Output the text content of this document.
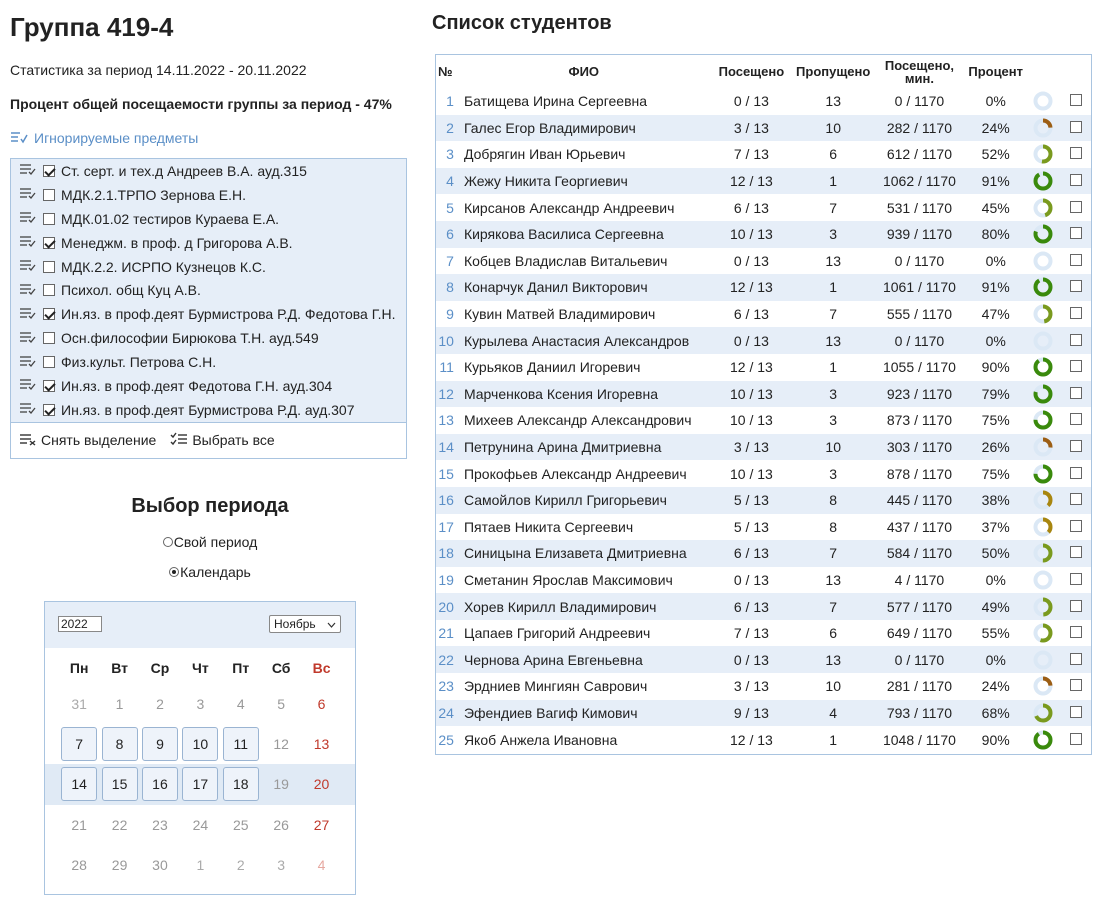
Группа 419-4
Статистика за период 14.11.2022 - 20.11.2022
Процент общей посещаемости группы за период - 47%
Игнорируемые предметы
Ст. серт. и тех.д Андреев В.А. ауд.315
МДК.2.1.ТРПО Зернова Е.Н.
МДК.01.02 тестиров Кураева Е.А.
Менеджм. в проф. д Григорова А.В.
МДК.2.2. ИСРПО Кузнецов К.С.
Психол. общ Куц А.В.
Ин.яз. в проф.деят Бурмистрова Р.Д. Федотова Г.Н.
Осн.философии Бирюкова Т.Н. ауд.549
Физ.культ. Петрова С.Н.
Ин.яз. в проф.деят Федотова Г.Н. ауд.304
Ин.яз. в проф.деят Бурмистрова Р.Д. ауд.307
Снять выделение	Выбрать все
Выбор периода
Свой период
Календарь
2022	Ноябрь
Пн	Вт	Ср	Чт	Пт	Сб	Вс
31	1	2	3	4	5	6
7	8	9	10	11	12	13
14	15	16	17	18	19	20
21	22	23	24	25	26	27
28	29	30	1	2	3	4
Список студентов
№	ФИО	Посещено	Пропущено	Посещено, мин.	Процент		
1	Батищева Ирина Сергеевна	0 / 13	13	0 / 1170	0%	

2	Галес Егор Владимирович	3 / 13	10	282 / 1170	24%	

3	Добрягин Иван Юрьевич	7 / 13	6	612 / 1170	52%	

4	Жежу Никита Георгиевич	12 / 13	1	1062 / 1170	91%	

5	Кирсанов Александр Андреевич	6 / 13	7	531 / 1170	45%	

6	Кирякова Василиса Сергеевна	10 / 13	3	939 / 1170	80%	

7	Кобцев Владислав Витальевич	0 / 13	13	0 / 1170	0%	

8	Конарчук Данил Викторович	12 / 13	1	1061 / 1170	91%	

9	Кувин Матвей Владимирович	6 / 13	7	555 / 1170	47%	

10	Курылева Анастасия Александров	0 / 13	13	0 / 1170	0%	

11	Курьяков Даниил Игоревич	12 / 13	1	1055 / 1170	90%	

12	Марченкова Ксения Игоревна	10 / 13	3	923 / 1170	79%	

13	Михеев Александр Александрович	10 / 13	3	873 / 1170	75%	

14	Петрунина Арина Дмитриевна	3 / 13	10	303 / 1170	26%	

15	Прокофьев Александр Андреевич	10 / 13	3	878 / 1170	75%	

16	Самойлов Кирилл Григорьевич	5 / 13	8	445 / 1170	38%	

17	Пятаев Никита Сергеевич	5 / 13	8	437 / 1170	37%	

18	Синицына Елизавета Дмитриевна	6 / 13	7	584 / 1170	50%	

19	Сметанин Ярослав Максимович	0 / 13	13	4 / 1170	0%	

20	Хорев Кирилл Владимирович	6 / 13	7	577 / 1170	49%	

21	Цапаев Григорий Андреевич	7 / 13	6	649 / 1170	55%	

22	Чернова Арина Евгеньевна	0 / 13	13	0 / 1170	0%	

23	Эрдниев Мингиян Саврович	3 / 13	10	281 / 1170	24%	

24	Эфендиев Вагиф Кимович	9 / 13	4	793 / 1170	68%	

25	Якоб Анжела Ивановна	12 / 13	1	1048 / 1170	90%	
